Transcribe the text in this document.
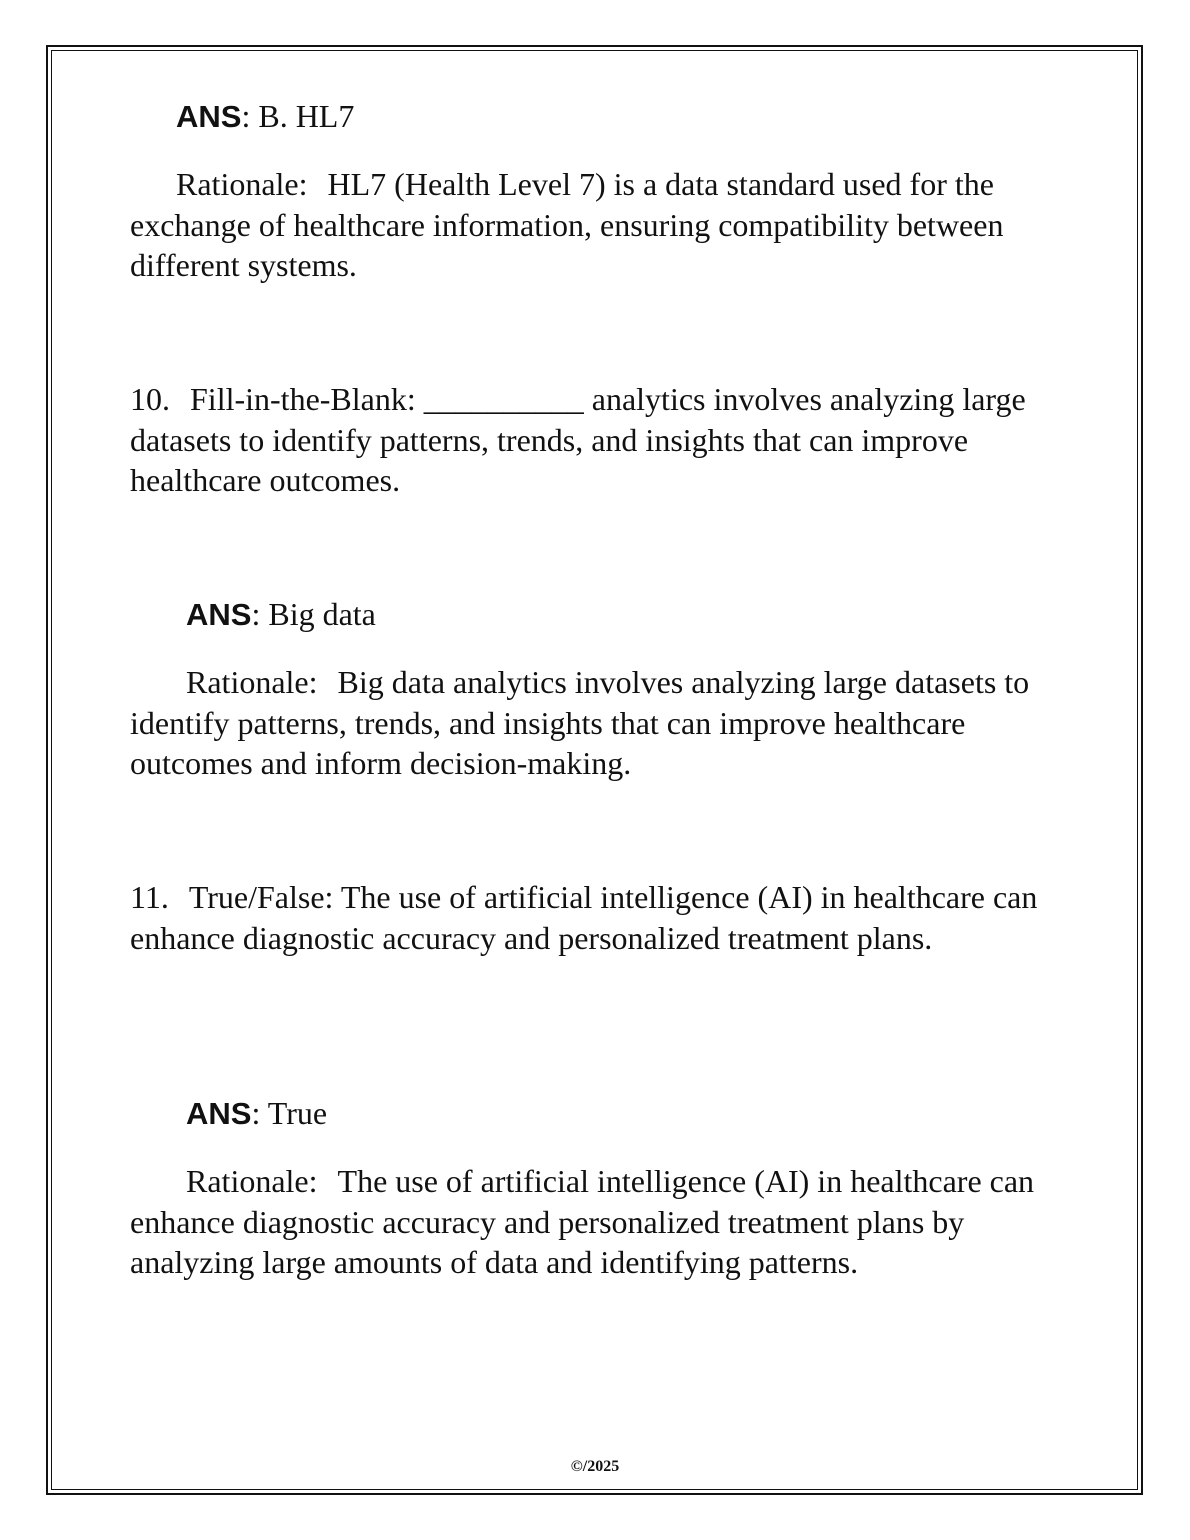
ANS: B. HL7
Rationale: HL7 (Health Level 7) is a data standard used for the exchange of healthcare information, ensuring compatibility between different systems.
10. Fill-in-the-Blank: __________ analytics involves analyzing large datasets to identify patterns, trends, and insights that can improve healthcare outcomes.
ANS: Big data
Rationale: Big data analytics involves analyzing large datasets to identify patterns, trends, and insights that can improve healthcare outcomes and inform decision-making.
11. True/False: The use of artificial intelligence (AI) in healthcare can enhance diagnostic accuracy and personalized treatment plans.
ANS: True
Rationale: The use of artificial intelligence (AI) in healthcare can enhance diagnostic accuracy and personalized treatment plans by analyzing large amounts of data and identifying patterns.
©/2025
